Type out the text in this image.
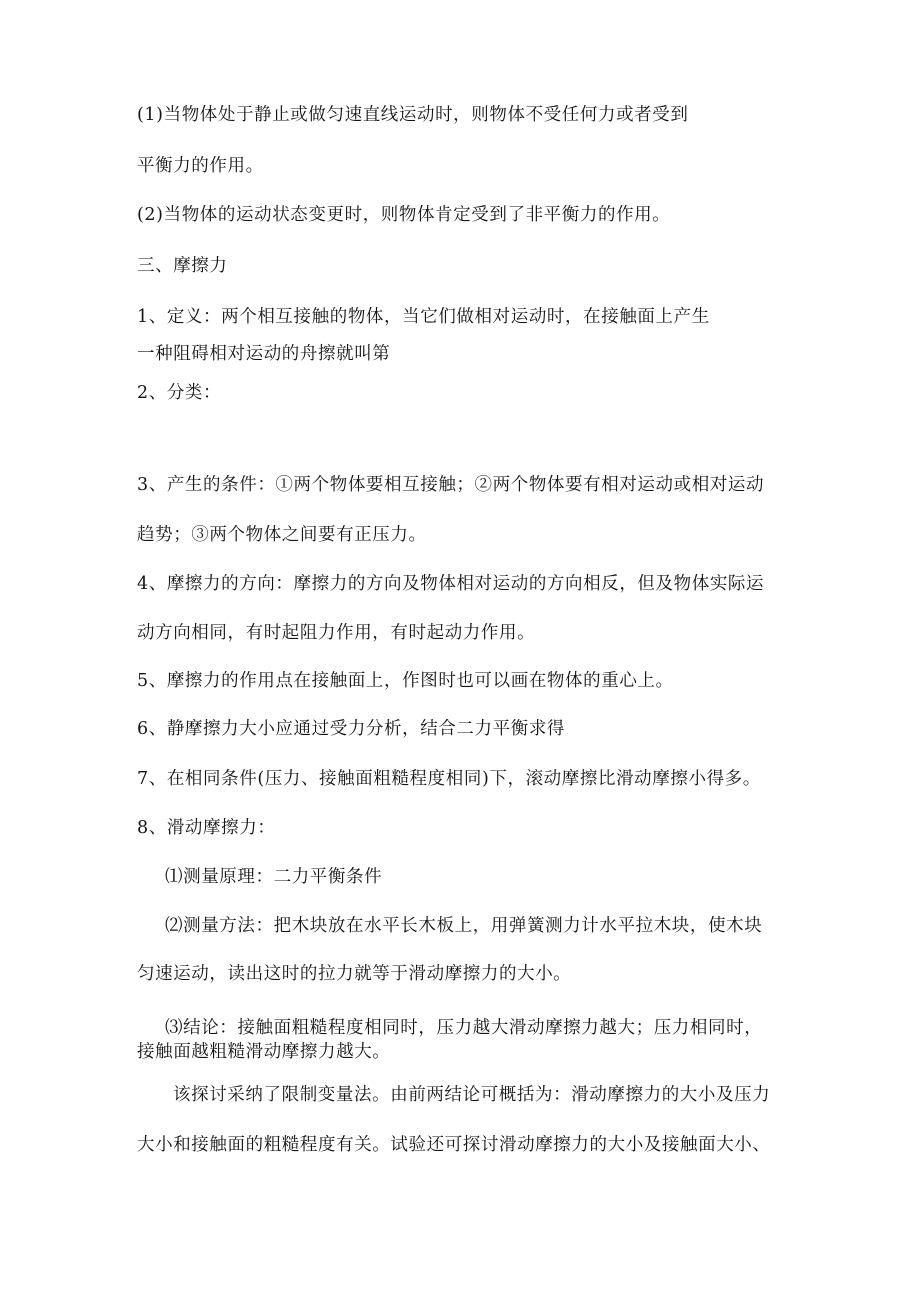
(1)当物体处于静止或做匀速直线运动时，则物体不受任何力或者受到
平衡力的作用。
(2)当物体的运动状态变更时，则物体肯定受到了非平衡力的作用。
三、摩擦力
1、定义：两个相互接触的物体，当它们做相对运动时，在接触面上产生
一种阻碍相对运动的舟擦就叫第
2、分类：
3、产生的条件：①两个物体要相互接触；②两个物体要有相对运动或相对运动
趋势；③两个物体之间要有正压力。
4、摩擦力的方向：摩擦力的方向及物体相对运动的方向相反，但及物体实际运
动方向相同，有时起阻力作用，有时起动力作用。
5、摩擦力的作用点在接触面上，作图时也可以画在物体的重心上。
6、静摩擦力大小应通过受力分析，结合二力平衡求得
7、在相同条件(压力、接触面粗糙程度相同)下，滚动摩擦比滑动摩擦小得多。
8、滑动摩擦力：
⑴测量原理：二力平衡条件
⑵测量方法：把木块放在水平长木板上，用弹簧测力计水平拉木块，使木块
匀速运动，读出这时的拉力就等于滑动摩擦力的大小。
⑶结论：接触面粗糙程度相同时，压力越大滑动摩擦力越大；压力相同时，
接触面越粗糙滑动摩擦力越大。
该探讨采纳了限制变量法。由前两结论可概括为：滑动摩擦力的大小及压力
大小和接触面的粗糙程度有关。试验还可探讨滑动摩擦力的大小及接触面大小、
